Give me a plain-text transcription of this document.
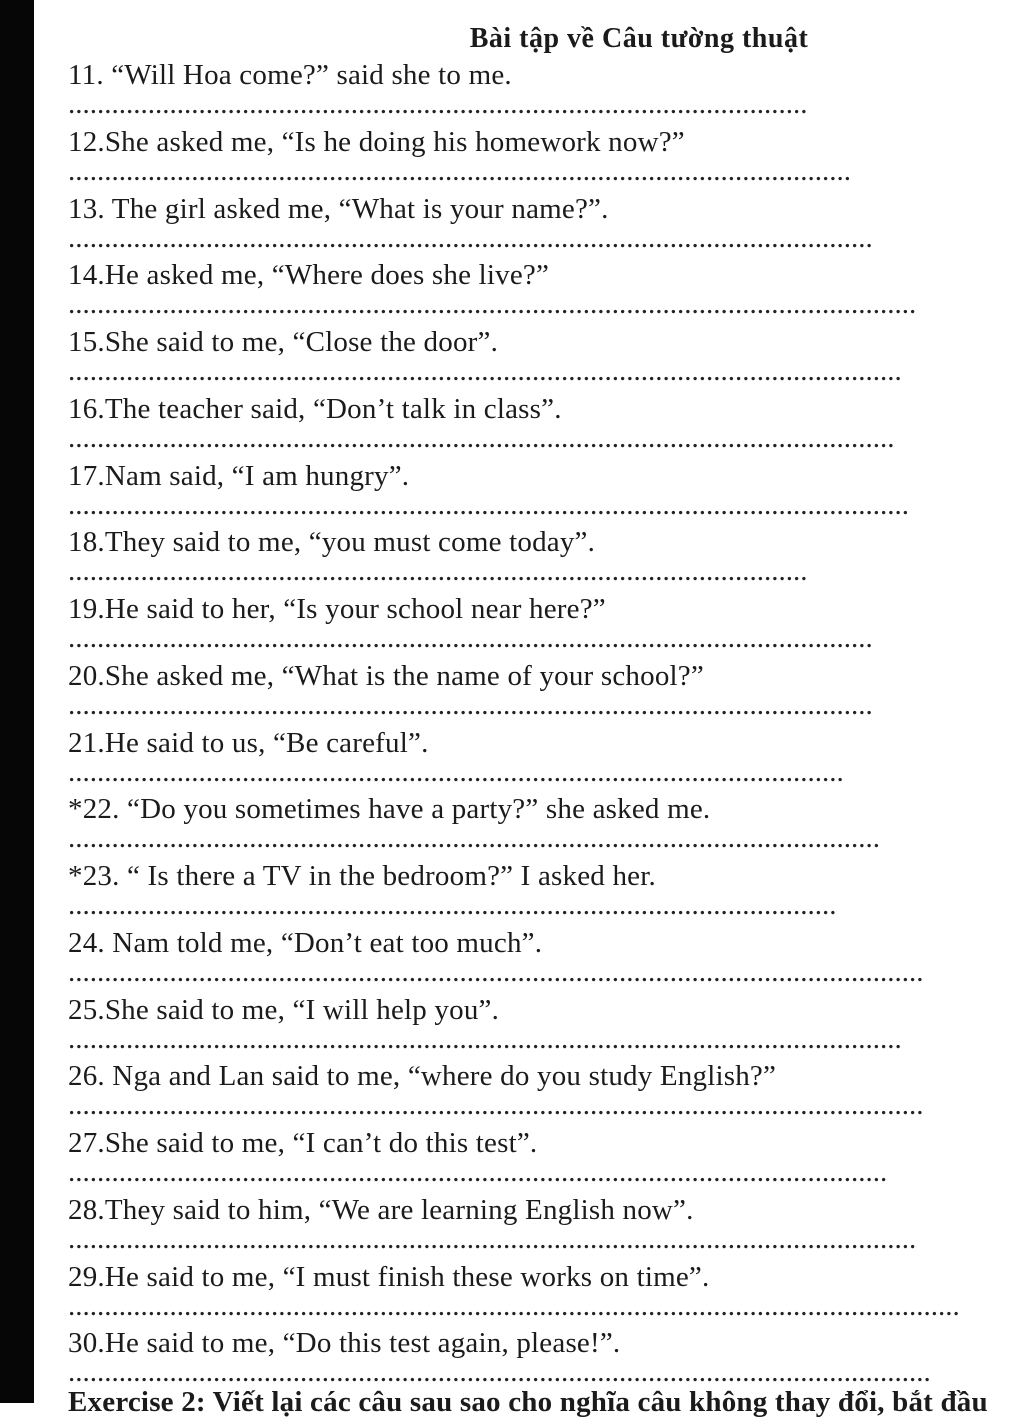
Bài tập về Câu tường thuật
11. “Will Hoa come?” said she to me.
......................................................................................................
12.She asked me, “Is he doing his homework now?”
............................................................................................................
13. The girl asked me, “What is your name?”.
...............................................................................................................
14.He asked me, “Where does she live?”
.....................................................................................................................
15.She said to me, “Close the door”.
...................................................................................................................
16.The teacher said, “Don’t talk in class”.
..................................................................................................................
17.Nam said, “I am hungry”.
....................................................................................................................
18.They said to me, “you must come today”.
......................................................................................................
19.He said to her, “Is your school near here?”
...............................................................................................................
20.She asked me, “What is the name of your school?”
...............................................................................................................
21.He said to us, “Be careful”.
...........................................................................................................
*22. “Do you sometimes have a party?” she asked me.
................................................................................................................
*23. “ Is there a TV in the bedroom?” I asked her.
..........................................................................................................
24. Nam told me, “Don’t eat too much”.
......................................................................................................................
25.She said to me, “I will help you”.
...................................................................................................................
26. Nga and Lan said to me, “where do you study English?”
......................................................................................................................
27.She said to me, “I can’t do this test”.
.................................................................................................................
28.They said to him, “We are learning English now”.
.....................................................................................................................
29.He said to me, “I must finish these works on time”.
...........................................................................................................................
30.He said to me, “Do this test again, please!”.
.......................................................................................................................
Exercise 2: Viết lại các câu sau sao cho nghĩa câu không thay đổi, bắt đầu
